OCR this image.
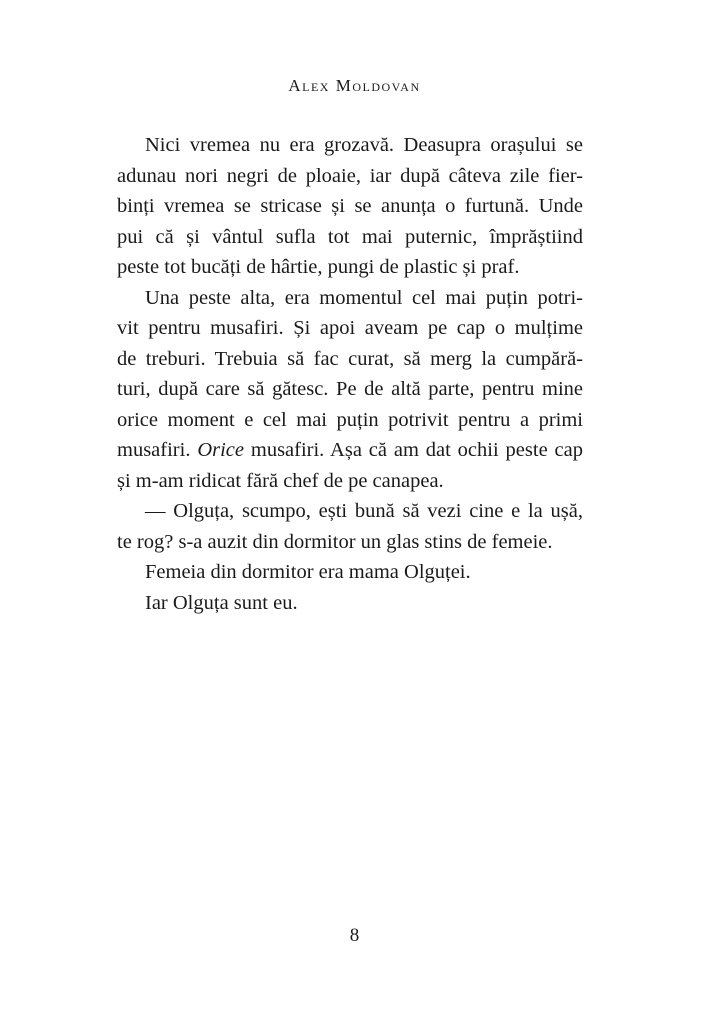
Alex Moldovan
Nici vremea nu era grozavă. Deasupra orașului se
adunau nori negri de ploaie, iar după câteva zile fier-
binți vremea se stricase și se anunța o furtună. Unde
pui că și vântul sufla tot mai puternic, împrăștiind
peste tot bucăți de hârtie, pungi de plastic și praf.
Una peste alta, era momentul cel mai puțin potri-
vit pentru musafiri. Și apoi aveam pe cap o mulțime
de treburi. Trebuia să fac curat, să merg la cumpără-
turi, după care să gătesc. Pe de altă parte, pentru mine
orice moment e cel mai puțin potrivit pentru a primi
musafiri. Orice musafiri. Așa că am dat ochii peste cap
și m-am ridicat fără chef de pe canapea.
— Olguța, scumpo, ești bună să vezi cine e la ușă,
te rog? s-a auzit din dormitor un glas stins de femeie.
Femeia din dormitor era mama Olguței.
Iar Olguța sunt eu.
8
